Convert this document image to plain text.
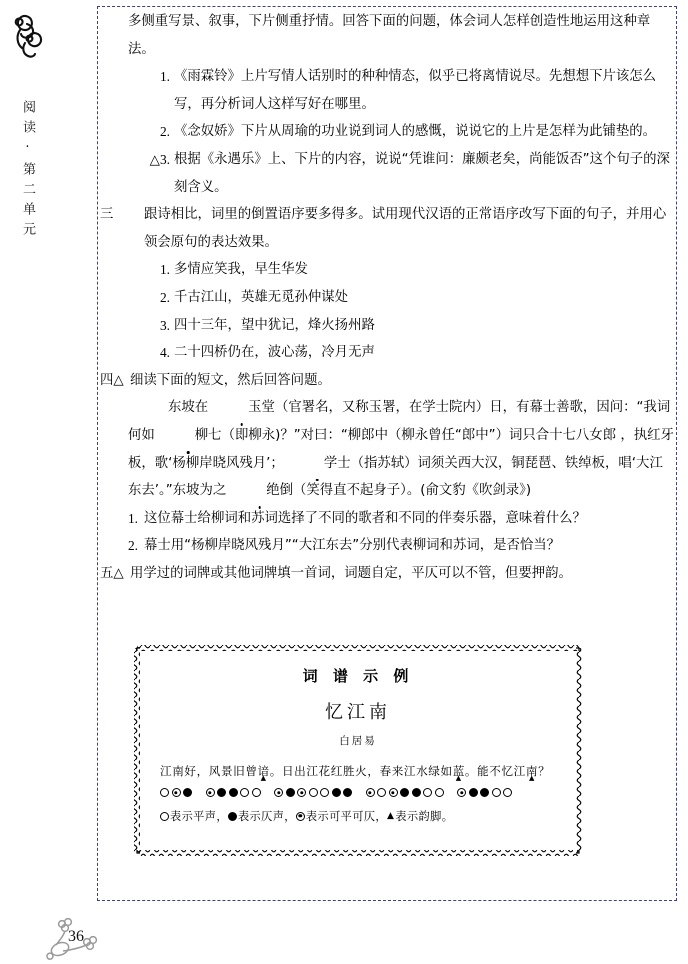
阅读·第二单元

多侧重写景、叙事，下片侧重抒情。回答下面的问题，体会词人怎样创造性地运用这种章法。

1. 《雨霖铃》上片写情人话别时的种种情态，似乎已将离情说尽。先想想下片该怎么写，再分析词人这样写好在哪里。

2. 《念奴娇》下片从周瑜的功业说到词人的感慨，说说它的上片是怎样为此铺垫的。

△3. 根据《永遇乐》上、下片的内容，说说“凭谁问：廉颇老矣，尚能饭否”这个句子的深刻含义。

三	跟诗相比，词里的倒置语序要多得多。试用现代汉语的正常语序改写下面的句子，并用心领会原句的表达效果。

1. 多情应笑我，早生华发

2. 千古江山，英雄无觅孙仲谋处

3. 四十三年，望中犹记，烽火扬州路

4. 二十四桥仍在，波心荡，冷月无声

四△ 细读下面的短文，然后回答问题。

东坡在	玉堂（官署名，又称玉署，在学士院内）日，有幕士善歌，因问：“我词何如	柳七（即柳永)？”对曰：“柳郎中（柳永曾任“郎中”）词只合十七八女郎 ，执红牙板，歌‘杨柳岸晓风残月’；	学士（指苏轼）词须关西大汉，铜琵琶、铁绰板，唱‘大江东去’。”东坡为之	绝倒（笑得直不起身子）。(俞文豹《吹剑录》)

1. 这位幕士给柳词和苏词选择了不同的歌者和不同的伴奏乐器，意味着什么？

2. 幕士用“杨柳岸晓风残月”“大江东去”分别代表柳词和苏词，是否恰当？

五△ 用学过的词牌或其他词牌填一首词，词题自定，平仄可以不管，但要押韵。

词 谱 示 例
忆江南
白居易
江南好，风景旧曾谙 ▲。日出江花红胜火，春来江水绿如蓝 ▲。能不忆江南 ▲？
表示平声， 表示仄声， 表示可平可仄， ▲ 表示韵脚。
36
